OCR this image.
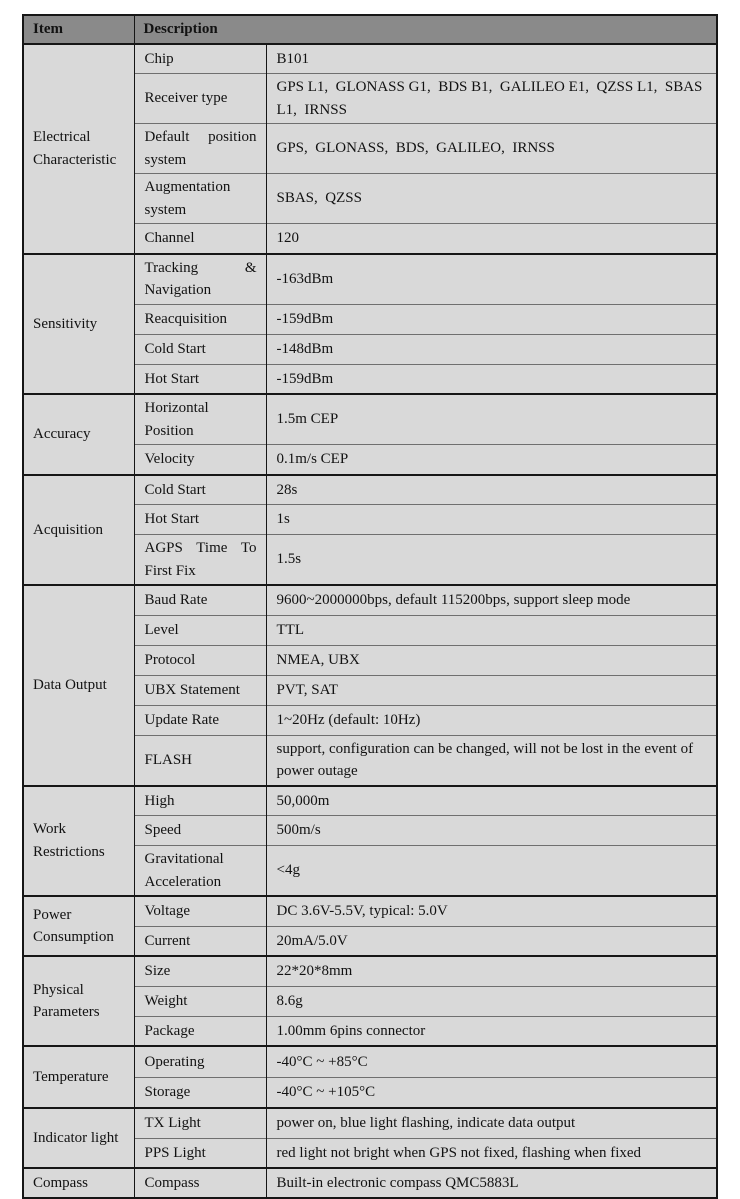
Item	Description	
Electrical Characteristic	Chip	B101
	Receiver type	GPS L1,  GLONASS G1,  BDS B1,  GALILEO E1,  QZSS L1,  SBAS L1,  IRNSS
	Default position system	GPS,  GLONASS,  BDS,  GALILEO,  IRNSS
	Augmentation system	SBAS,  QZSS
	Channel	120
Sensitivity	Tracking & Navigation	-163dBm
	Reacquisition	-159dBm
	Cold Start	-148dBm
	Hot Start	-159dBm
Accuracy	Horizontal Position	1.5m CEP
	Velocity	0.1m/s CEP
Acquisition	Cold Start	28s
	Hot Start	1s
	AGPS Time To First Fix	1.5s
Data Output	Baud Rate	9600~2000000bps, default 115200bps, support sleep mode
	Level	TTL
	Protocol	NMEA, UBX
	UBX Statement	PVT, SAT
	Update Rate	1~20Hz (default: 10Hz)
	FLASH	support, configuration can be changed, will not be lost in the event of power outage
Work Restrictions	High	50,000m
	Speed	500m/s
	Gravitational Acceleration	<4g
Power Consumption	Voltage	DC 3.6V-5.5V, typical: 5.0V
	Current	20mA/5.0V
Physical Parameters	Size	22*20*8mm
	Weight	8.6g
	Package	1.00mm 6pins connector
Temperature	Operating	-40°C ~ +85°C
	Storage	-40°C ~ +105°C
Indicator light	TX Light	power on, blue light flashing, indicate data output
	PPS Light	red light not bright when GPS not fixed, flashing when fixed
Compass	Compass	Built-in electronic compass QMC5883L
